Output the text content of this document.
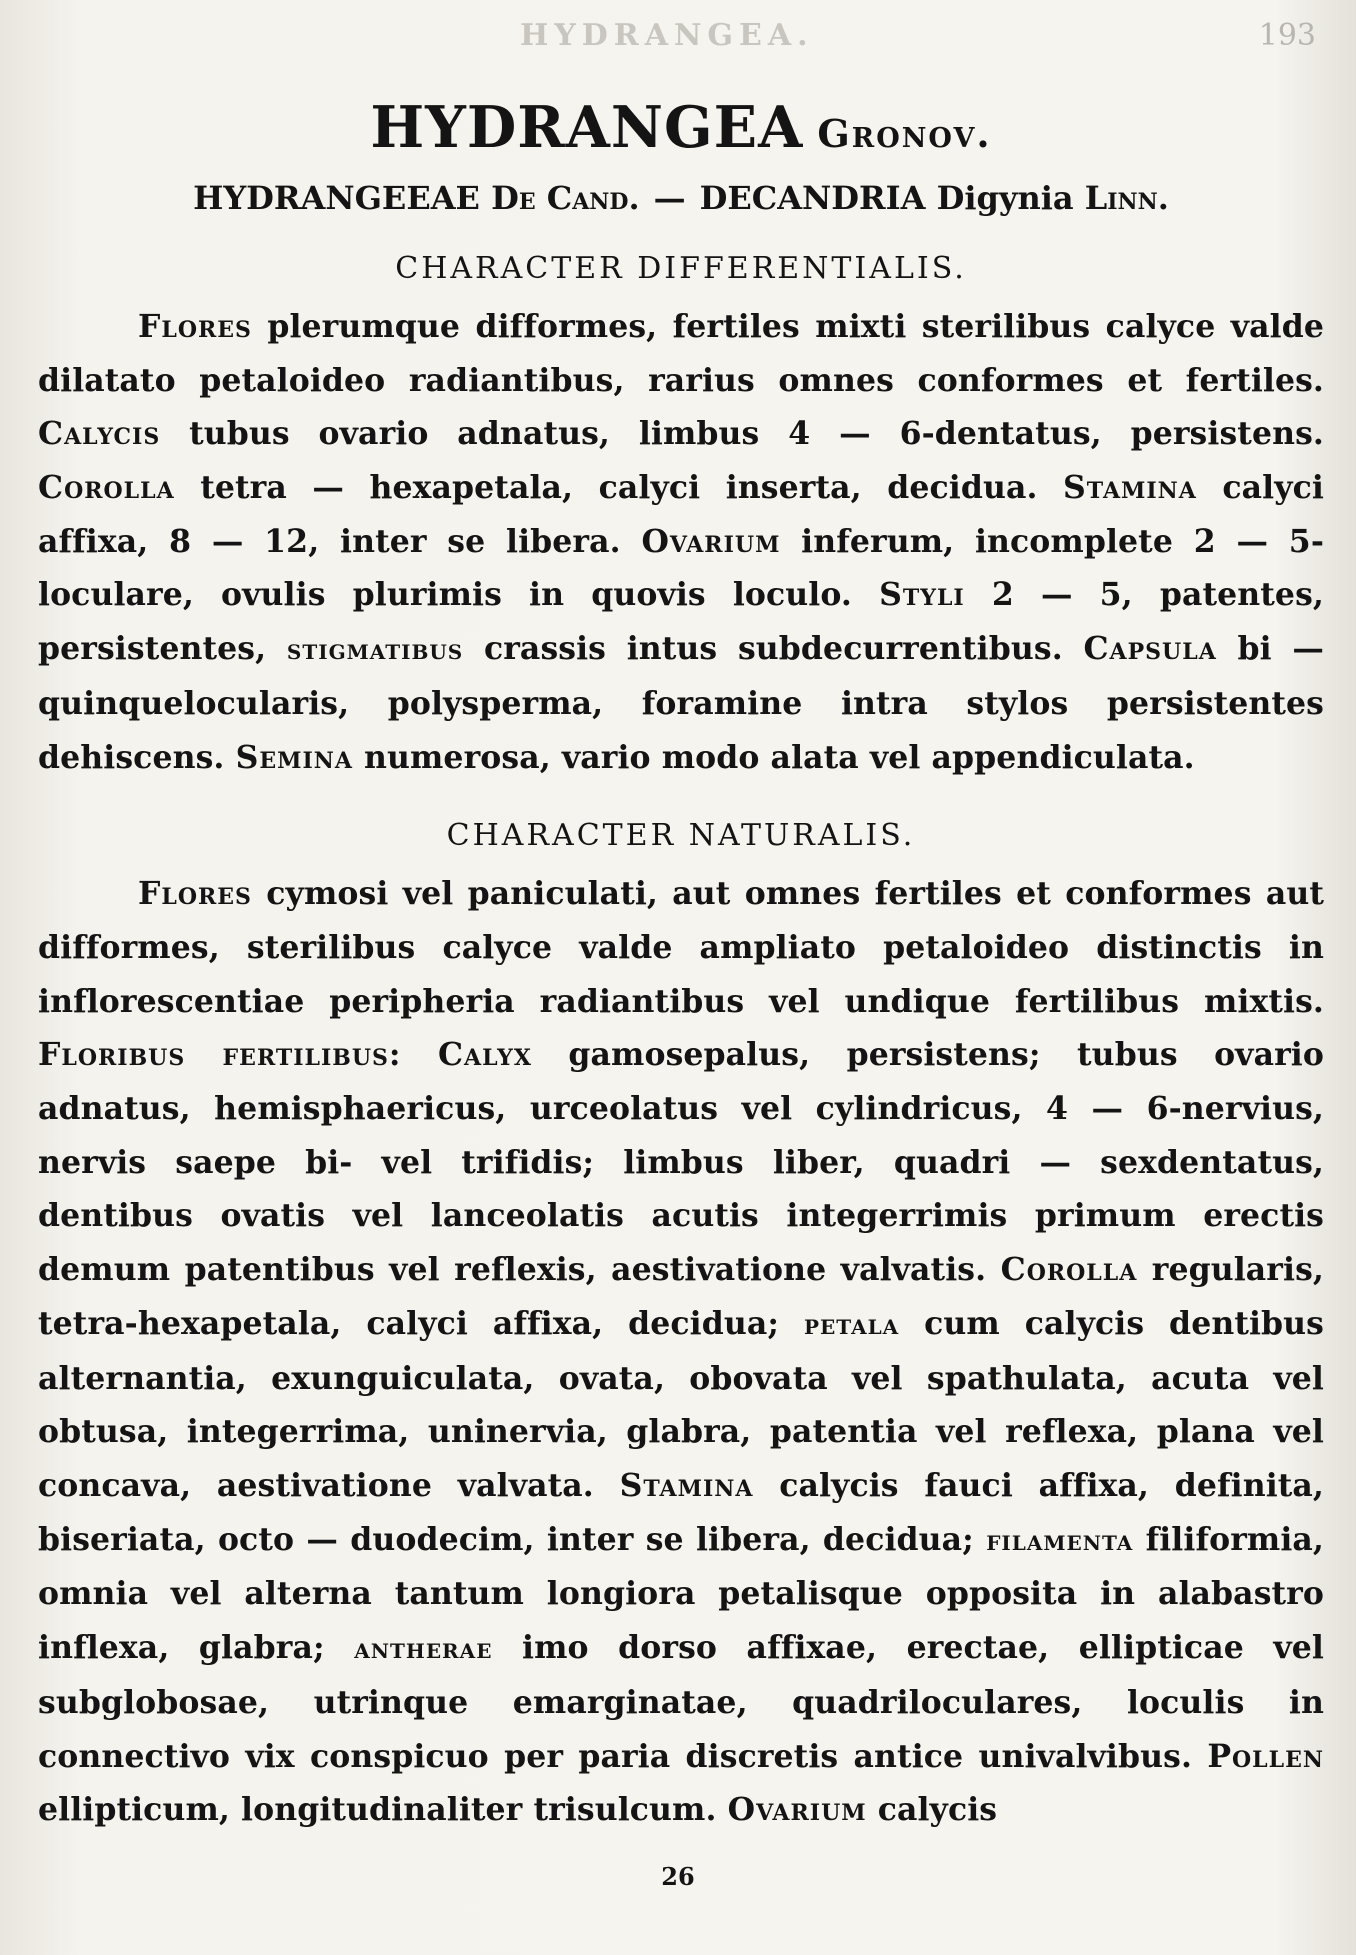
HYDRANGEA.	193
HYDRANGEA Gronov.
HYDRANGEEAE De Cand. — DECANDRIA Digynia Linn.
CHARACTER DIFFERENTIALIS.

Flores plerumque difformes, fertiles mixti sterilibus calyce valde dilatato petaloideo radiantibus, rarius omnes conformes et fertiles. Calycis tubus ovario adnatus, limbus 4 — 6-dentatus, persistens. Corolla tetra — hexapetala, calyci inserta, decidua. Stamina calyci affixa, 8 — 12, inter se libera. Ovarium inferum, incomplete 2 — 5-loculare, ovulis plurimis in quovis loculo. Styli 2 — 5, patentes, persistentes, stigmatibus crassis intus subdecurrentibus. Capsula bi — quinquelocularis, polysperma, foramine intra stylos persistentes dehiscens. Semina numerosa, vario modo alata vel appendiculata.

CHARACTER NATURALIS.

Flores cymosi vel paniculati, aut omnes fertiles et conformes aut difformes, sterilibus calyce valde ampliato petaloideo distinctis in inflorescentiae peripheria radiantibus vel undique fertilibus mixtis. Floribus fertilibus: Calyx gamosepalus, persistens; tubus ovario adnatus, hemisphaericus, urceolatus vel cylindricus, 4 — 6-nervius, nervis saepe bi- vel trifidis; limbus liber, quadri — sexdentatus, dentibus ovatis vel lanceolatis acutis integerrimis primum erectis demum patentibus vel reflexis, aestivatione valvatis. Corolla regularis, tetra-hexapetala, calyci affixa, decidua; petala cum calycis dentibus alternantia, exunguiculata, ovata, obovata vel spathulata, acuta vel obtusa, integerrima, uninervia, glabra, patentia vel reflexa, plana vel concava, aestivatione valvata. Stamina calycis fauci affixa, definita, biseriata, octo — duodecim, inter se libera, decidua; filamenta filiformia, omnia vel alterna tantum longiora petalisque opposita in alabastro inflexa, glabra; antherae imo dorso affixae, erectae, ellipticae vel subglobosae, utrinque emarginatae, quadriloculares, loculis in connectivo vix conspicuo per paria discretis antice univalvibus. Pollen ellipticum, longitudinaliter trisulcum. Ovarium calycis

26
